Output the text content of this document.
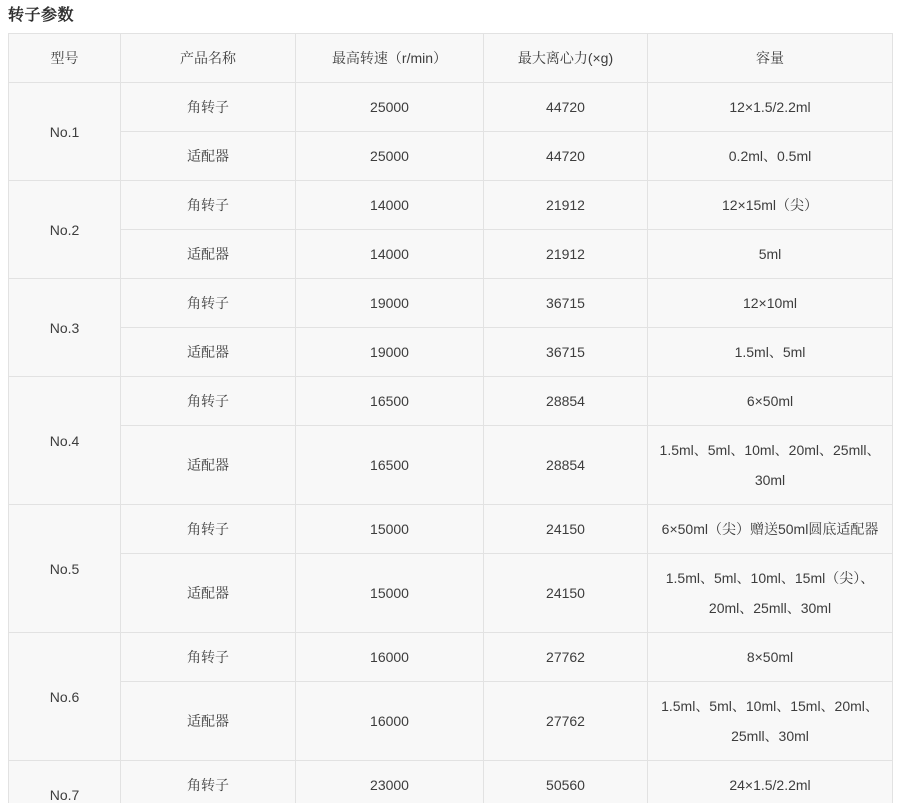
转子参数
型号	产品名称	最高转速（r/min）	最大离心力(×g)	容量
No.1	角转子	25000	44720	12×1.5/2.2ml
	适配器	25000	44720	0.2ml、0.5ml
No.2	角转子	14000	21912	12×15ml（尖）
	适配器	14000	21912	5ml
No.3	角转子	19000	36715	12×10ml
	适配器	19000	36715	1.5ml、5ml
No.4	角转子	16500	28854	6×50ml
	适配器	16500	28854	1.5ml、5ml、10ml、20ml、25mll、30ml
No.5	角转子	15000	24150	6×50ml（尖）赠送50ml圆底适配器
	适配器	15000	24150	1.5ml、5ml、10ml、15ml（尖）、20ml、25mll、30ml
No.6	角转子	16000	27762	8×50ml
	适配器	16000	27762	1.5ml、5ml、10ml、15ml、20ml、25mll、30ml
No.7	角转子	23000	50560	24×1.5/2.2ml
